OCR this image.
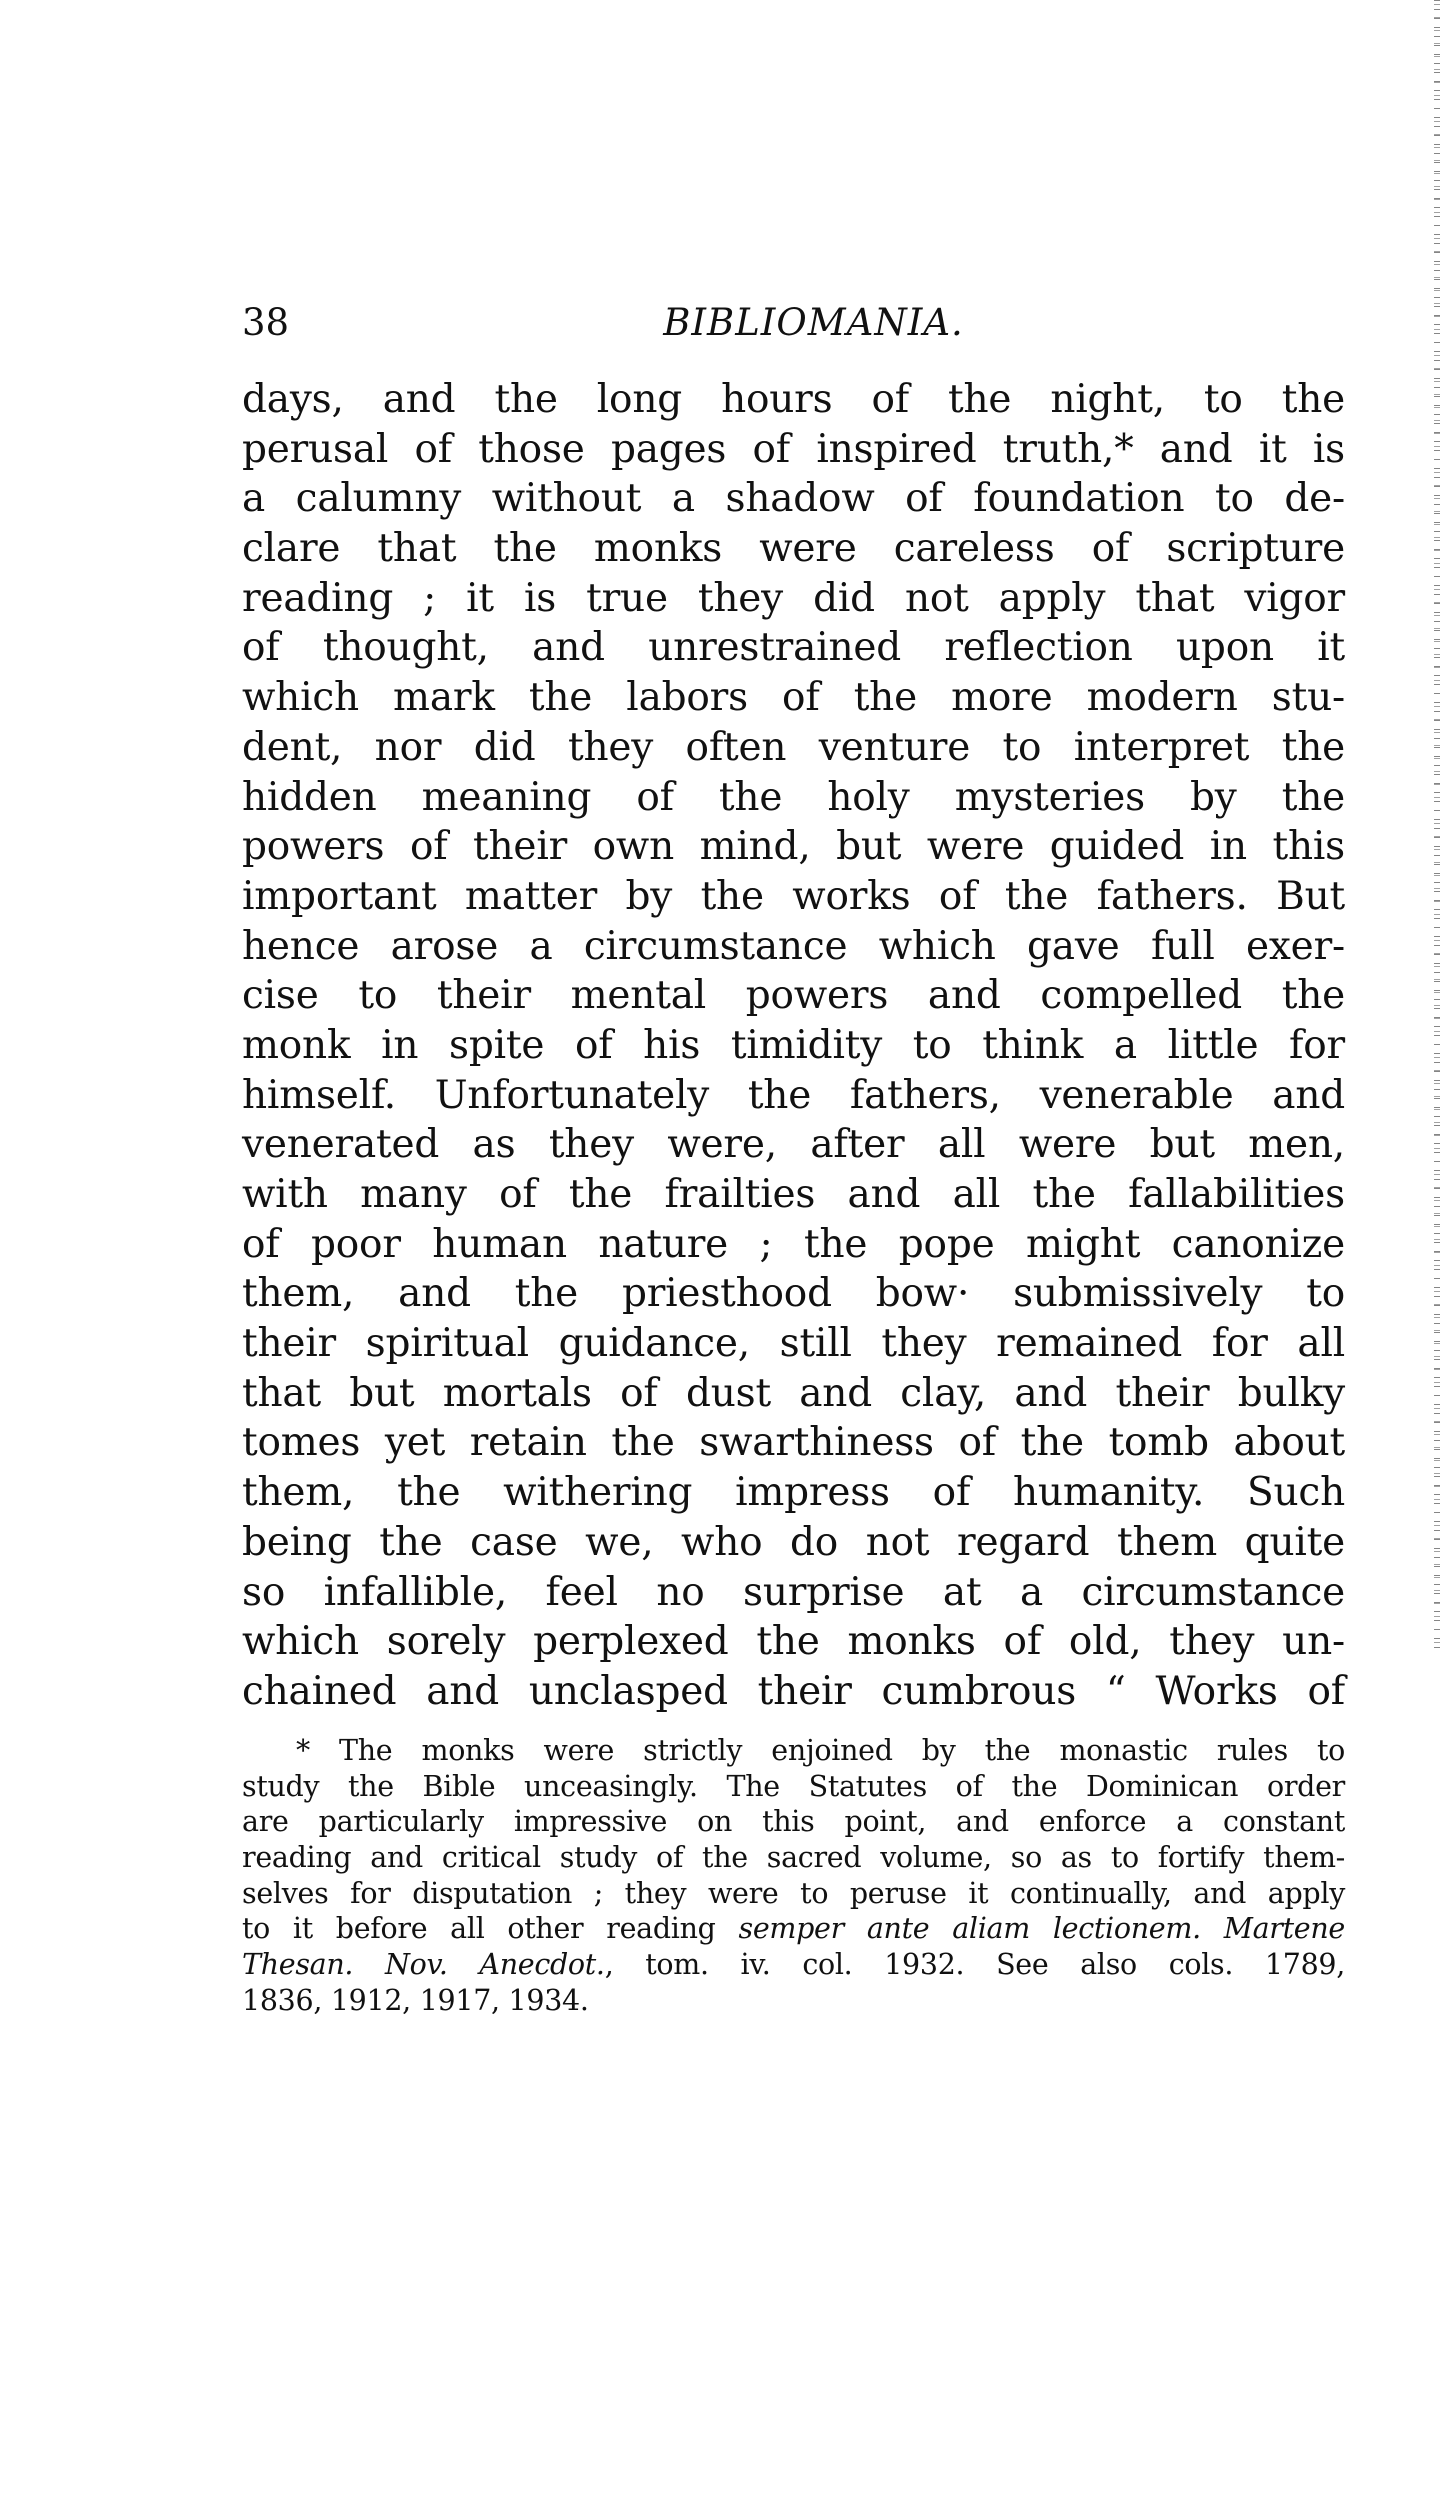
38	BIBLIOMANIA.
days, and the long hours of the night, to the
perusal of those pages of inspired truth,* and it is
a calumny without a shadow of foundation to de-
clare that the monks were careless of scripture
reading ; it is true they did not apply that vigor
of thought, and unrestrained reflection upon it
which mark the labors of the more modern stu-
dent, nor did they often venture to interpret the
hidden meaning of the holy mysteries by the
powers of their own mind, but were guided in this
important matter by the works of the fathers. But
hence arose a circumstance which gave full exer-
cise to their mental powers and compelled the
monk in spite of his timidity to think a little for
himself. Unfortunately the fathers, venerable and
venerated as they were, after all were but men,
with many of the frailties and all the fallabilities
of poor human nature ; the pope might canonize
them, and the priesthood bow· submissively to
their spiritual guidance, still they remained for all
that but mortals of dust and clay, and their bulky
tomes yet retain the swarthiness of the tomb about
them, the withering impress of humanity. Such
being the case we, who do not regard them quite
so infallible, feel no surprise at a circumstance
which sorely perplexed the monks of old, they un-
chained and unclasped their cumbrous “ Works of
* The monks were strictly enjoined by the monastic rules to
study the Bible unceasingly. The Statutes of the Dominican order
are particularly impressive on this point, and enforce a constant
reading and critical study of the sacred volume, so as to fortify them-
selves for disputation ; they were to peruse it continually, and apply
to it before all other reading semper ante aliam lectionem. Martene
Thesan. Nov. Anecdot., tom. iv. col. 1932. See also cols. 1789,
1836, 1912, 1917, 1934.
